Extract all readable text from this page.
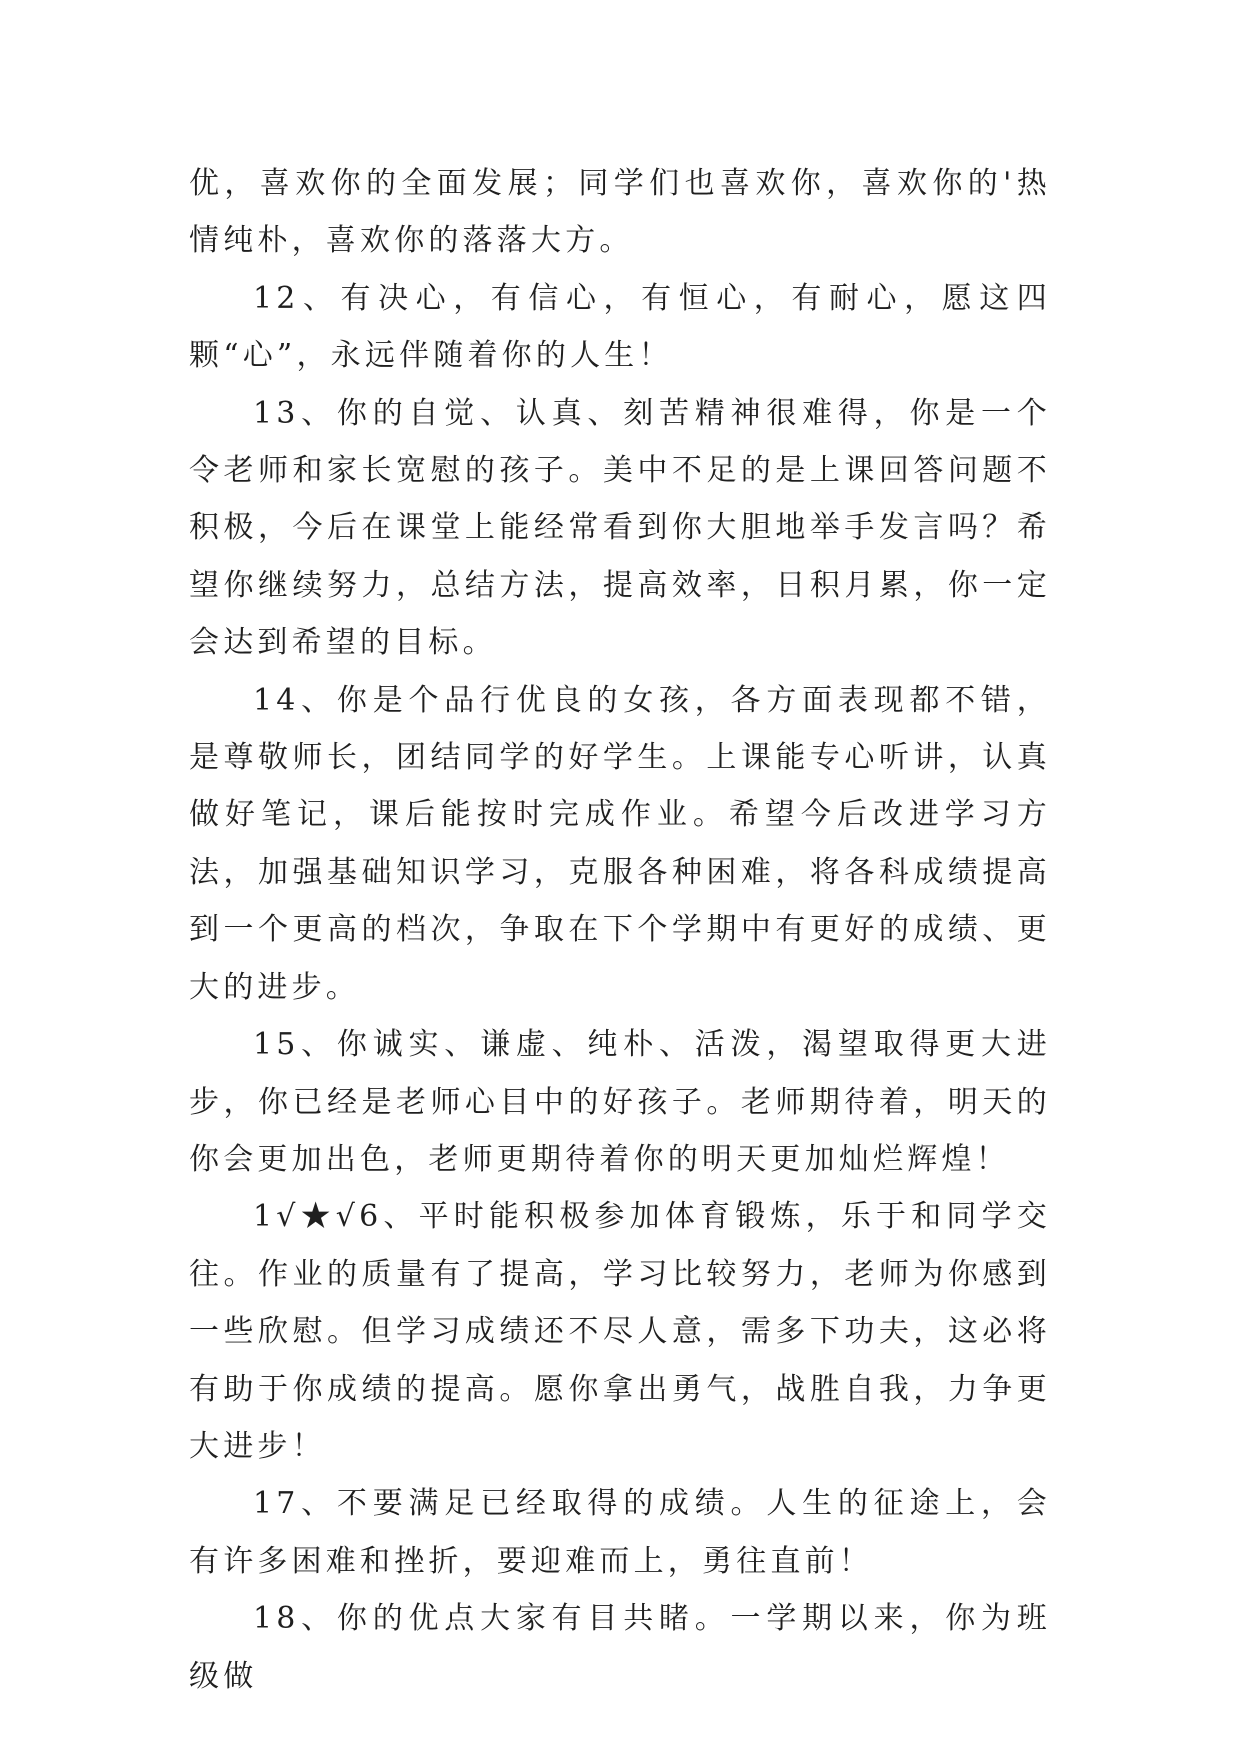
优，喜欢你的全面发展；同学们也喜欢你，喜欢你的'热情纯朴，喜欢你的落落大方。

12、有决心，有信心，有恒心，有耐心，愿这四颗“心”，永远伴随着你的人生！

13、你的自觉、认真、刻苦精神很难得，你是一个令老师和家长宽慰的孩子。美中不足的是上课回答问题不积极，今后在课堂上能经常看到你大胆地举手发言吗？希望你继续努力，总结方法，提高效率，日积月累，你一定会达到希望的目标。

14、你是个品行优良的女孩，各方面表现都不错，是尊敬师长，团结同学的好学生。上课能专心听讲，认真做好笔记，课后能按时完成作业。希望今后改进学习方法，加强基础知识学习，克服各种困难，将各科成绩提高到一个更高的档次，争取在下个学期中有更好的成绩、更大的进步。

15、你诚实、谦虚、纯朴、活泼，渴望取得更大进步，你已经是老师心目中的好孩子。老师期待着，明天的你会更加出色，老师更期待着你的明天更加灿烂辉煌！

1√★√6、平时能积极参加体育锻炼，乐于和同学交往。作业的质量有了提高，学习比较努力，老师为你感到一些欣慰。但学习成绩还不尽人意，需多下功夫，这必将有助于你成绩的提高。愿你拿出勇气，战胜自我，力争更大进步！

17、不要满足已经取得的成绩。人生的征途上，会有许多困难和挫折，要迎难而上，勇往直前！

18、你的优点大家有目共睹。一学期以来，你为班级做
